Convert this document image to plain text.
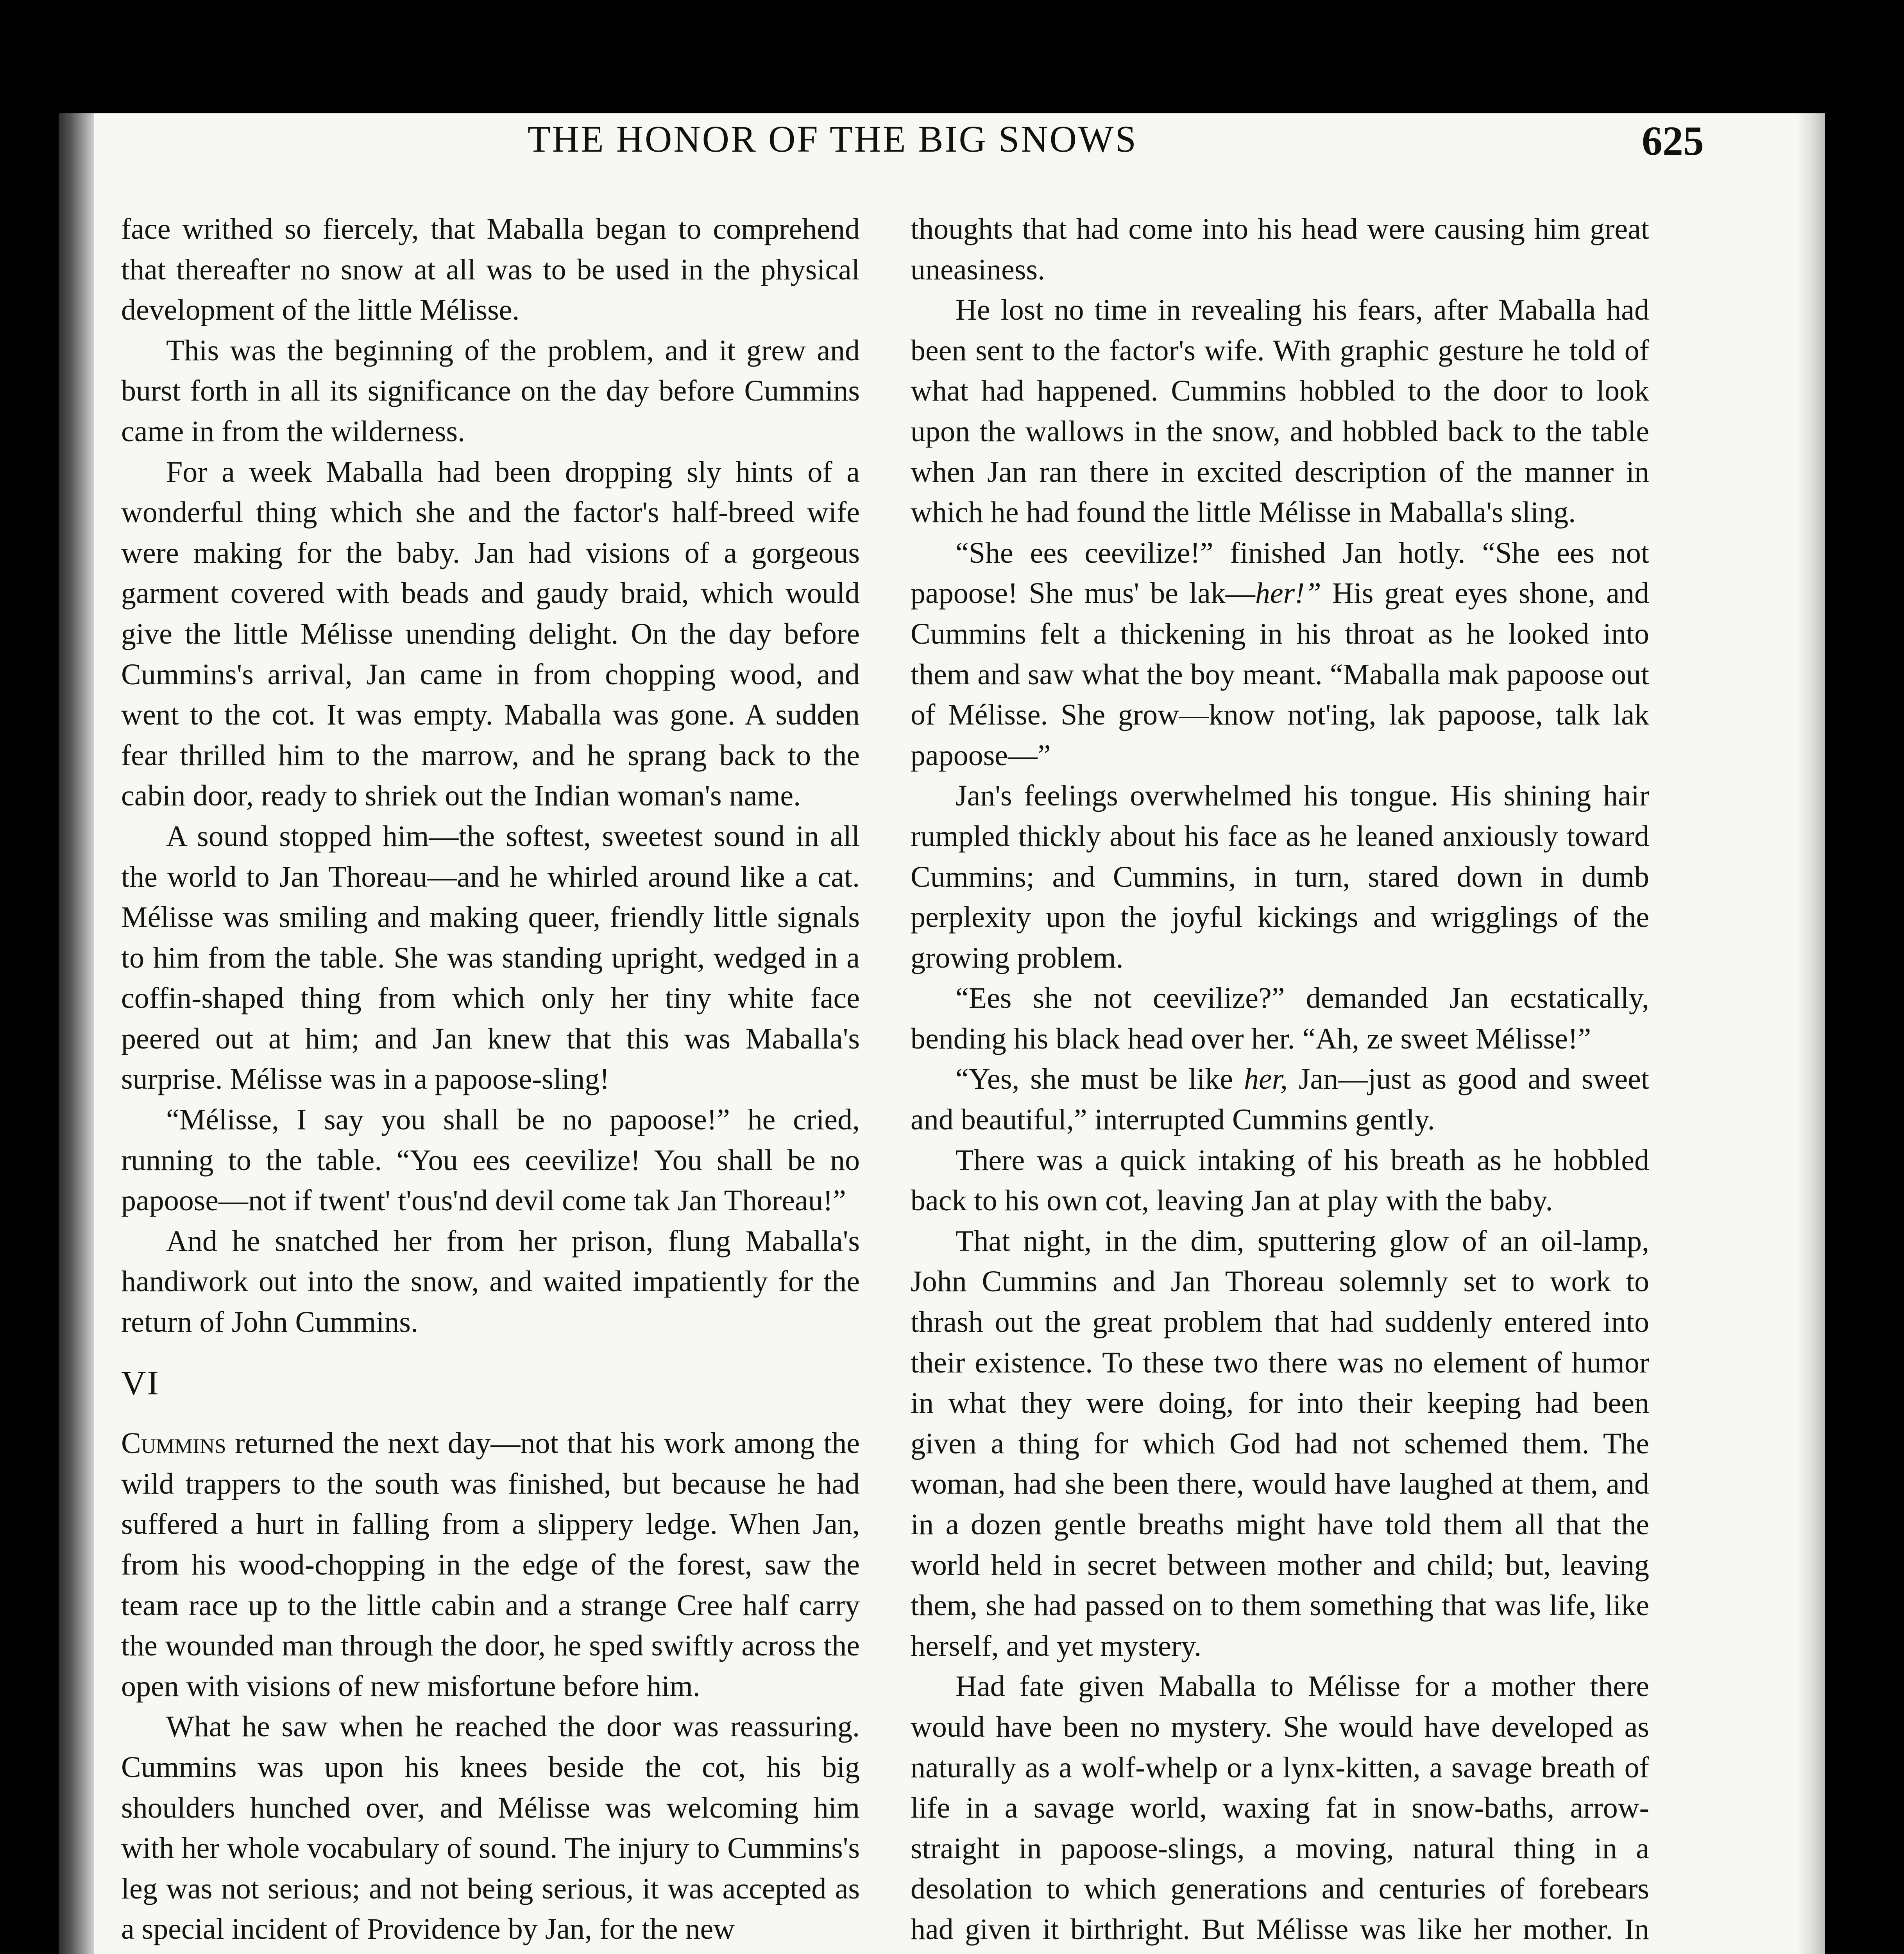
THE HONOR OF THE BIG SNOWS	625

face writhed so fiercely, that Maballa began to comprehend that thereafter no snow at all was to be used in the physical development of the little Mélisse.

This was the beginning of the problem, and it grew and burst forth in all its significance on the day before Cummins came in from the wilderness.

For a week Maballa had been dropping sly hints of a wonderful thing which she and the factor's half-breed wife were making for the baby. Jan had visions of a gorgeous garment covered with beads and gaudy braid, which would give the little Mélisse unending delight. On the day before Cummins's arrival, Jan came in from chopping wood, and went to the cot. It was empty. Maballa was gone. A sudden fear thrilled him to the marrow, and he sprang back to the cabin door, ready to shriek out the Indian woman's name.

A sound stopped him—the softest, sweetest sound in all the world to Jan Thoreau—and he whirled around like a cat. Mélisse was smiling and making queer, friendly little signals to him from the table. She was standing upright, wedged in a coffin-shaped thing from which only her tiny white face peered out at him; and Jan knew that this was Maballa's surprise. Mélisse was in a papoose-sling!

“Mélisse, I say you shall be no papoose!” he cried, running to the table. “You ees ceevilize! You shall be no papoose—not if twent' t'ous'nd devil come tak Jan Thoreau!”

And he snatched her from her prison, flung Maballa's handiwork out into the snow, and waited impatiently for the return of John Cummins.

VI

Cummins returned the next day—not that his work among the wild trappers to the south was finished, but because he had suffered a hurt in falling from a slippery ledge. When Jan, from his wood-chopping in the edge of the forest, saw the team race up to the little cabin and a strange Cree half carry the wounded man through the door, he sped swiftly across the open with visions of new misfortune before him.

What he saw when he reached the door was reassuring. Cummins was upon his knees beside the cot, his big shoulders hunched over, and Mélisse was welcoming him with her whole vocabulary of sound. The injury to Cummins's leg was not serious; and not being serious, it was accepted as a special incident of Providence by Jan, for the new

thoughts that had come into his head were causing him great uneasiness.

He lost no time in revealing his fears, after Maballa had been sent to the factor's wife. With graphic gesture he told of what had happened. Cummins hobbled to the door to look upon the wallows in the snow, and hobbled back to the table when Jan ran there in excited description of the manner in which he had found the little Mélisse in Maballa's sling.

“She ees ceevilize!” finished Jan hotly. “She ees not papoose! She mus' be lak—her!” His great eyes shone, and Cummins felt a thickening in his throat as he looked into them and saw what the boy meant. “Maballa mak papoose out of Mélisse. She grow—know not'ing, lak papoose, talk lak papoose—”

Jan's feelings overwhelmed his tongue. His shining hair rumpled thickly about his face as he leaned anxiously toward Cummins; and Cummins, in turn, stared down in dumb perplexity upon the joyful kickings and wrigglings of the growing problem.

“Ees she not ceevilize?” demanded Jan ecstatically, bending his black head over her. “Ah, ze sweet Mélisse!”

“Yes, she must be like her, Jan—just as good and sweet and beautiful,” interrupted Cummins gently.

There was a quick intaking of his breath as he hobbled back to his own cot, leaving Jan at play with the baby.

That night, in the dim, sputtering glow of an oil-lamp, John Cummins and Jan Thoreau solemnly set to work to thrash out the great problem that had suddenly entered into their existence. To these two there was no element of humor in what they were doing, for into their keeping had been given a thing for which God had not schemed them. The woman, had she been there, would have laughed at them, and in a dozen gentle breaths might have told them all that the world held in secret between mother and child; but, leaving them, she had passed on to them something that was life, like herself, and yet mystery.

Had fate given Maballa to Mélisse for a mother there would have been no mystery. She would have developed as naturally as a wolf-whelp or a lynx-kitten, a savage breath of life in a savage world, waxing fat in snow-baths, arrow-straight in papoose-slings, a moving, natural thing in a desolation to which generations and centuries of forebears had given it birthright. But Mélisse was like her mother. In
